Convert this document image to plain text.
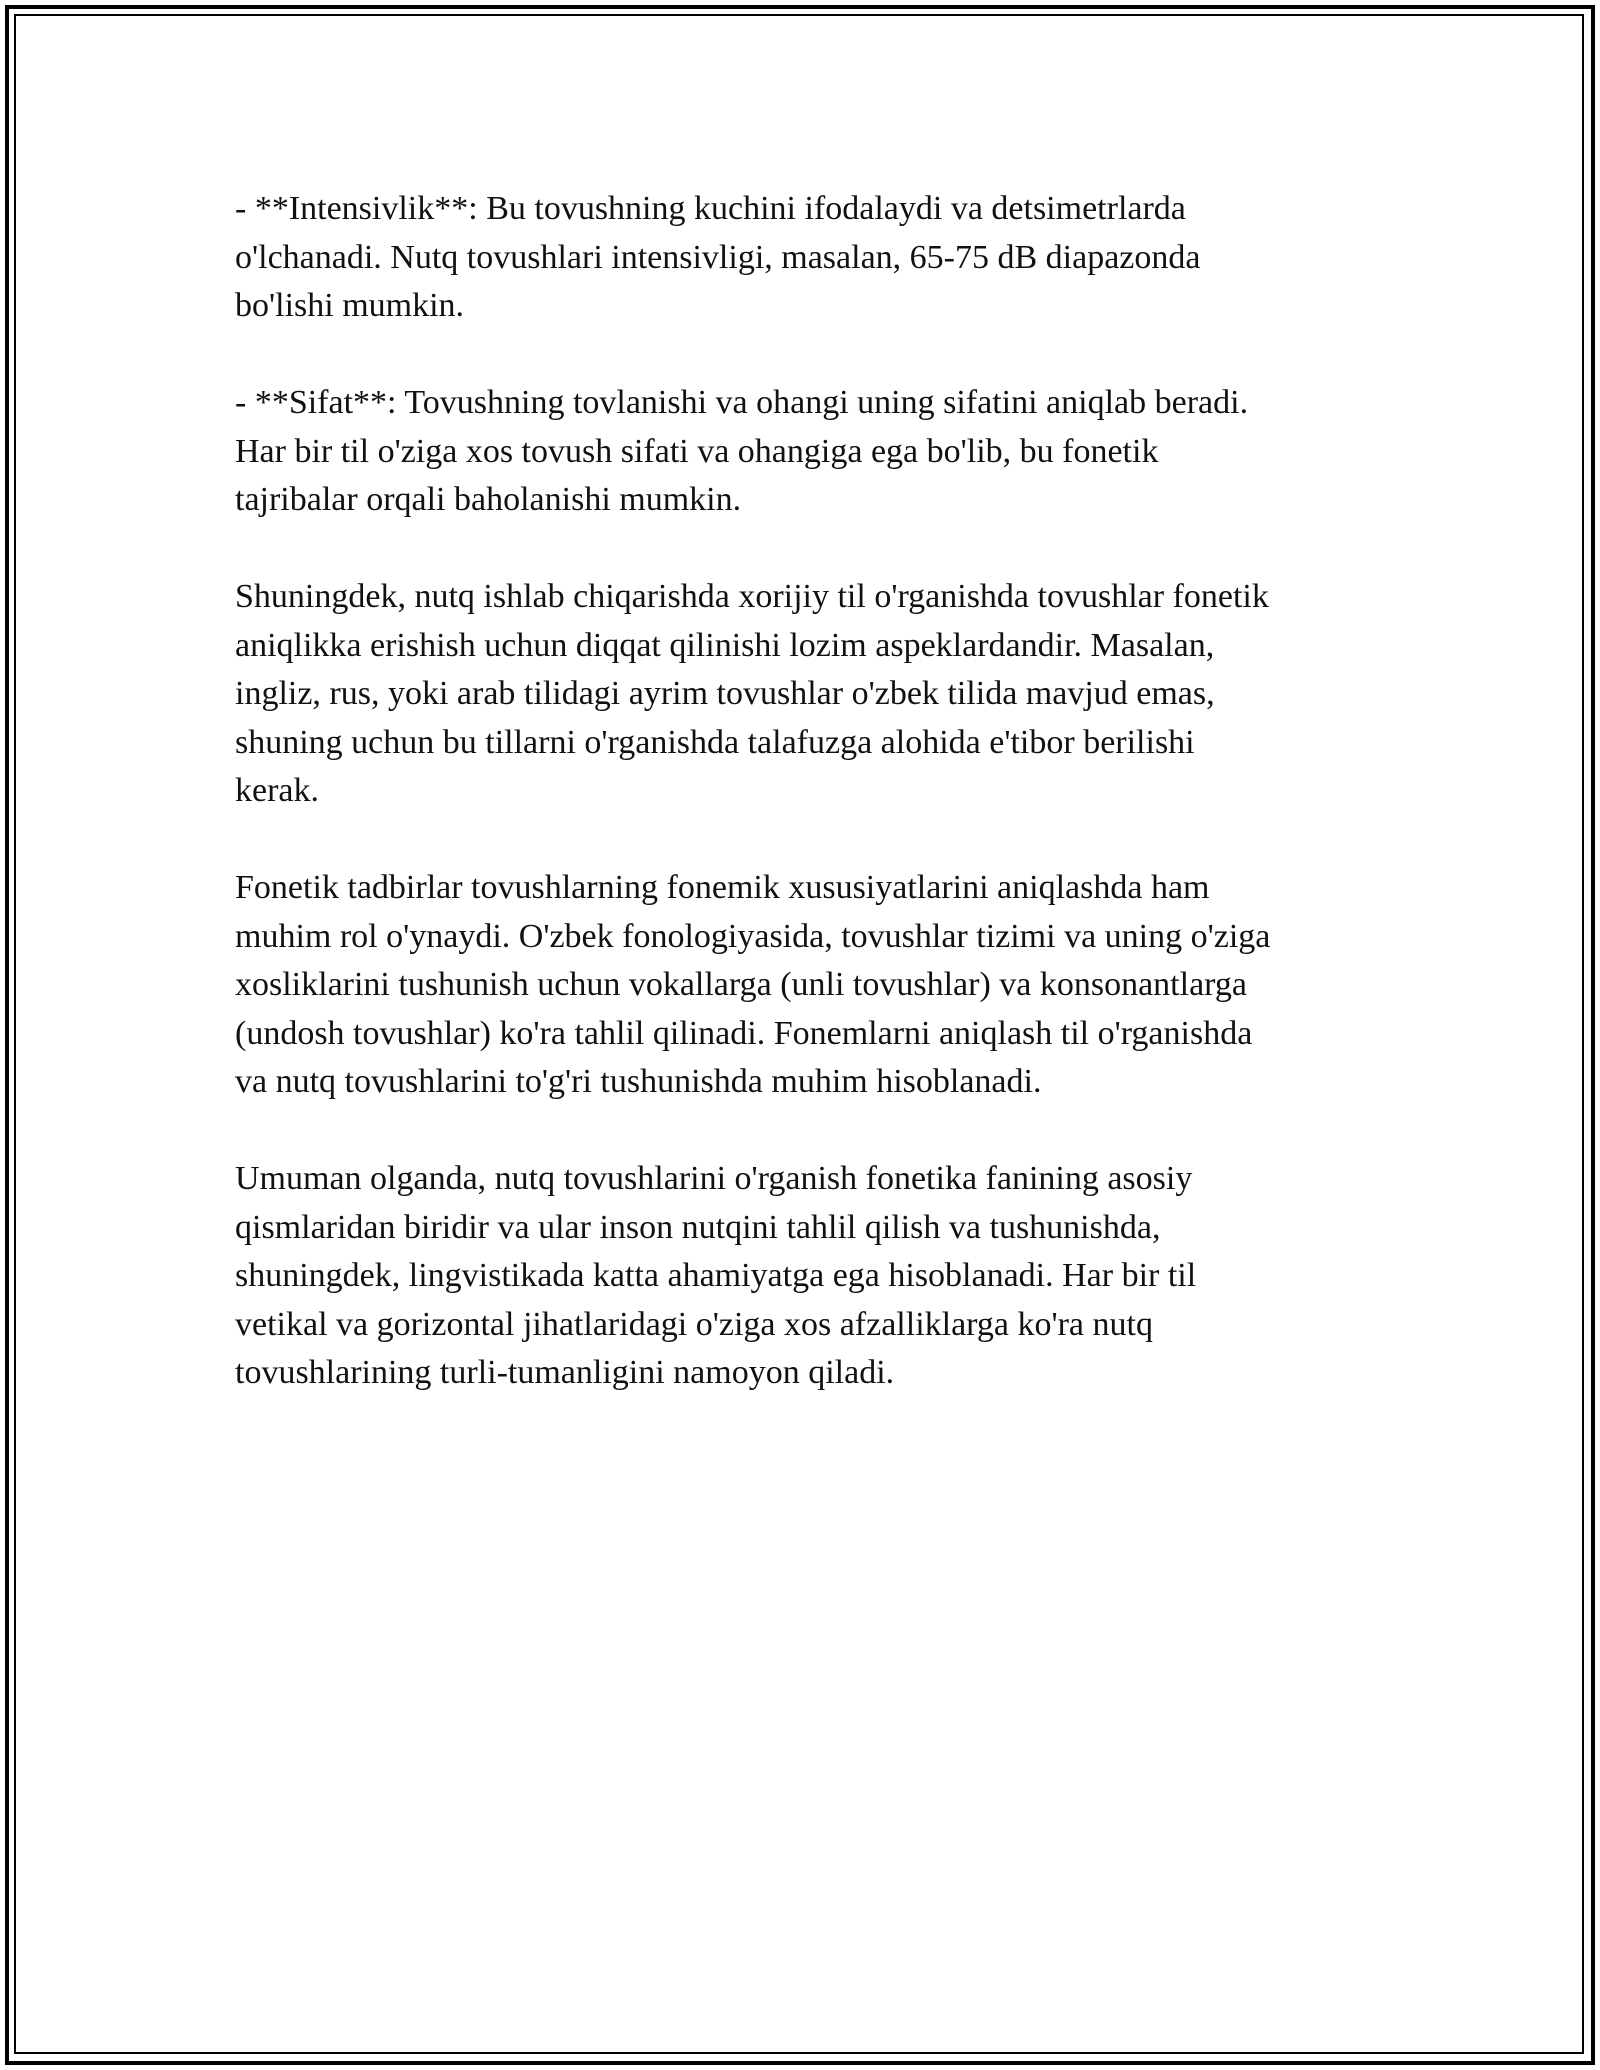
- **Intensivlik**: Bu tovushning kuchini ifodalaydi va detsimetrlarda
o'lchanadi. Nutq tovushlari intensivligi, masalan, 65-75 dB diapazonda
bo'lishi mumkin.

- **Sifat**: Tovushning tovlanishi va ohangi uning sifatini aniqlab beradi.
Har bir til o'ziga xos tovush sifati va ohangiga ega bo'lib, bu fonetik
tajribalar orqali baholanishi mumkin.

Shuningdek, nutq ishlab chiqarishda xorijiy til o'rganishda tovushlar fonetik
aniqlikka erishish uchun diqqat qilinishi lozim aspeklardandir. Masalan,
ingliz, rus, yoki arab tilidagi ayrim tovushlar o'zbek tilida mavjud emas,
shuning uchun bu tillarni o'rganishda talafuzga alohida e'tibor berilishi
kerak.

Fonetik tadbirlar tovushlarning fonemik xususiyatlarini aniqlashda ham
muhim rol o'ynaydi. O'zbek fonologiyasida, tovushlar tizimi va uning o'ziga
xosliklarini tushunish uchun vokallarga (unli tovushlar) va konsonantlarga
(undosh tovushlar) ko'ra tahlil qilinadi. Fonemlarni aniqlash til o'rganishda
va nutq tovushlarini to'g'ri tushunishda muhim hisoblanadi.

Umuman olganda, nutq tovushlarini o'rganish fonetika fanining asosiy
qismlaridan biridir va ular inson nutqini tahlil qilish va tushunishda,
shuningdek, lingvistikada katta ahamiyatga ega hisoblanadi. Har bir til
vetikal va gorizontal jihatlaridagi o'ziga xos afzalliklarga ko'ra nutq
tovushlarining turli-tumanligini namoyon qiladi.
